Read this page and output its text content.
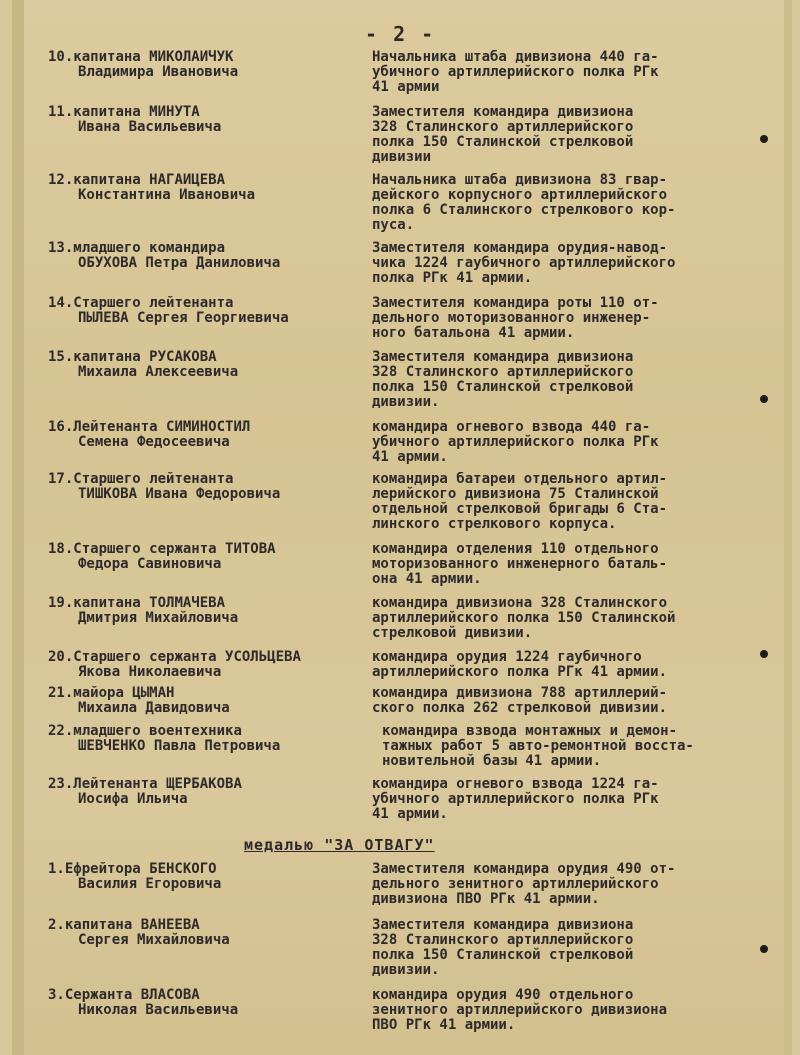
- 2 -
10.капитана МИКОЛАЙЧУК
Владимира Ивановича
Начальника штаба дивизиона 440 га-
убичного артиллерийского полка РГк
41 армии
11.капитана МИНУТА
Ивана Васильевича
Заместителя командира дивизиона
328 Сталинского артиллерийского
полка 150 Сталинской стрелковой
дивизии
12.капитана НАГАИЦЕВА
Константина Ивановича
Начальника штаба дивизиона 83 гвар-
дейского корпусного артиллерийского
полка 6 Сталинского стрелкового кор-
пуса.
13.младшего командира
ОБУХОВА Петра Даниловича
Заместителя командира орудия-навод-
чика 1224 гаубичного артиллерийского
полка РГк 41 армии.
14.Старшего лейтенанта
ПЫЛЕВА Сергея Георгиевича
Заместителя командира роты 110 от-
дельного моторизованного инженер-
ного батальона 41 армии.
15.капитана РУСАКОВА
Михаила Алексеевича
Заместителя командира дивизиона
328 Сталинского артиллерийского
полка 150 Сталинской стрелковой
дивизии.
16.Лейтенанта СИМИНОСТИЛ
Семена Федосеевича
командира огневого взвода 440 га-
убичного артиллерийского полка РГк
41 армии.
17.Старшего лейтенанта
ТИШКОВА Ивана Федоровича
командира батареи отдельного артил-
лерийского дивизиона 75 Сталинской
отдельной стрелковой бригады 6 Ста-
линского стрелкового корпуса.
18.Старшего сержанта ТИТОВА
Федора Савиновича
командира отделения 110 отдельного
моторизованного инженерного баталь-
она 41 армии.
19.капитана ТОЛМАЧЕВА
Дмитрия Михайловича
командира дивизиона 328 Сталинского
артиллерийского полка 150 Сталинской
стрелковой дивизии.
20.Старшего сержанта УСОЛЬЦЕВА
Якова Николаевича
командира орудия 1224 гаубичного
артиллерийского полка РГк 41 армии.
21.майора ЦЫМАН
Михаила Давидовича
командира дивизиона 788 артиллерий-
ского полка 262 стрелковой дивизии.
22.младшего воентехника
ШЕВЧЕНКО Павла Петровича
командира взвода монтажных и демон-
тажных работ 5 авто-ремонтной восста-
новительной базы 41 армии.
23.Лейтенанта ЩЕРБАКОВА
Иосифа Ильича
командира огневого взвода 1224 га-
убичного артиллерийского полка РГк
41 армии.
медалью "ЗА ОТВАГУ"
1.Ефрейтора БЕНСКОГО
Василия Егоровича
Заместителя командира орудия 490 от-
дельного зенитного артиллерийского
дивизиона ПВО РГк 41 армии.
2.капитана ВАНЕЕВА
Сергея Михайловича
Заместителя командира дивизиона
328 Сталинского артиллерийского
полка 150 Сталинской стрелковой
дивизии.
3.Сержанта ВЛАСОВА
Николая Васильевича
командира орудия 490 отдельного
зенитного артиллерийского дивизиона
ПВО РГк 41 армии.
